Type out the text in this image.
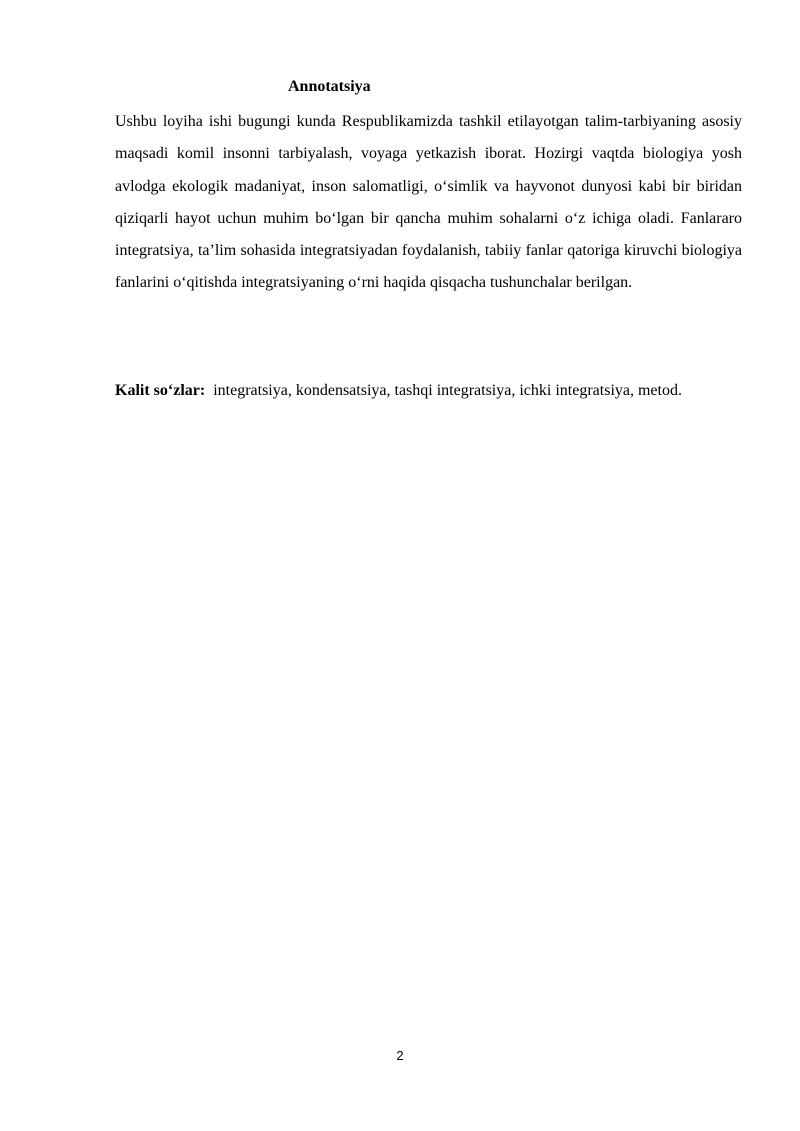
Annotatsiya

Ushbu loyiha ishi bugungi kunda Respublikamizda tashkil etilayotgan talim-tarbiyaning asosiy maqsadi komil insonni tarbiyalash, voyaga yetkazish iborat. Hozirgi vaqtda biologiya yosh avlodga ekologik madaniyat, inson salomatligi, o‘simlik va hayvonot dunyosi kabi bir biridan qiziqarli hayot uchun muhim bo‘lgan bir qancha muhim sohalarni o‘z ichiga oladi. Fanlararo integratsiya, ta’lim sohasida integratsiyadan foydalanish, tabiiy fanlar qatoriga kiruvchi biologiya fanlarini o‘qitishda integratsiyaning o‘rni haqida qisqacha tushunchalar berilgan.

Kalit so‘zlar: integratsiya, kondensatsiya, tashqi integratsiya, ichki integratsiya, metod.

2
